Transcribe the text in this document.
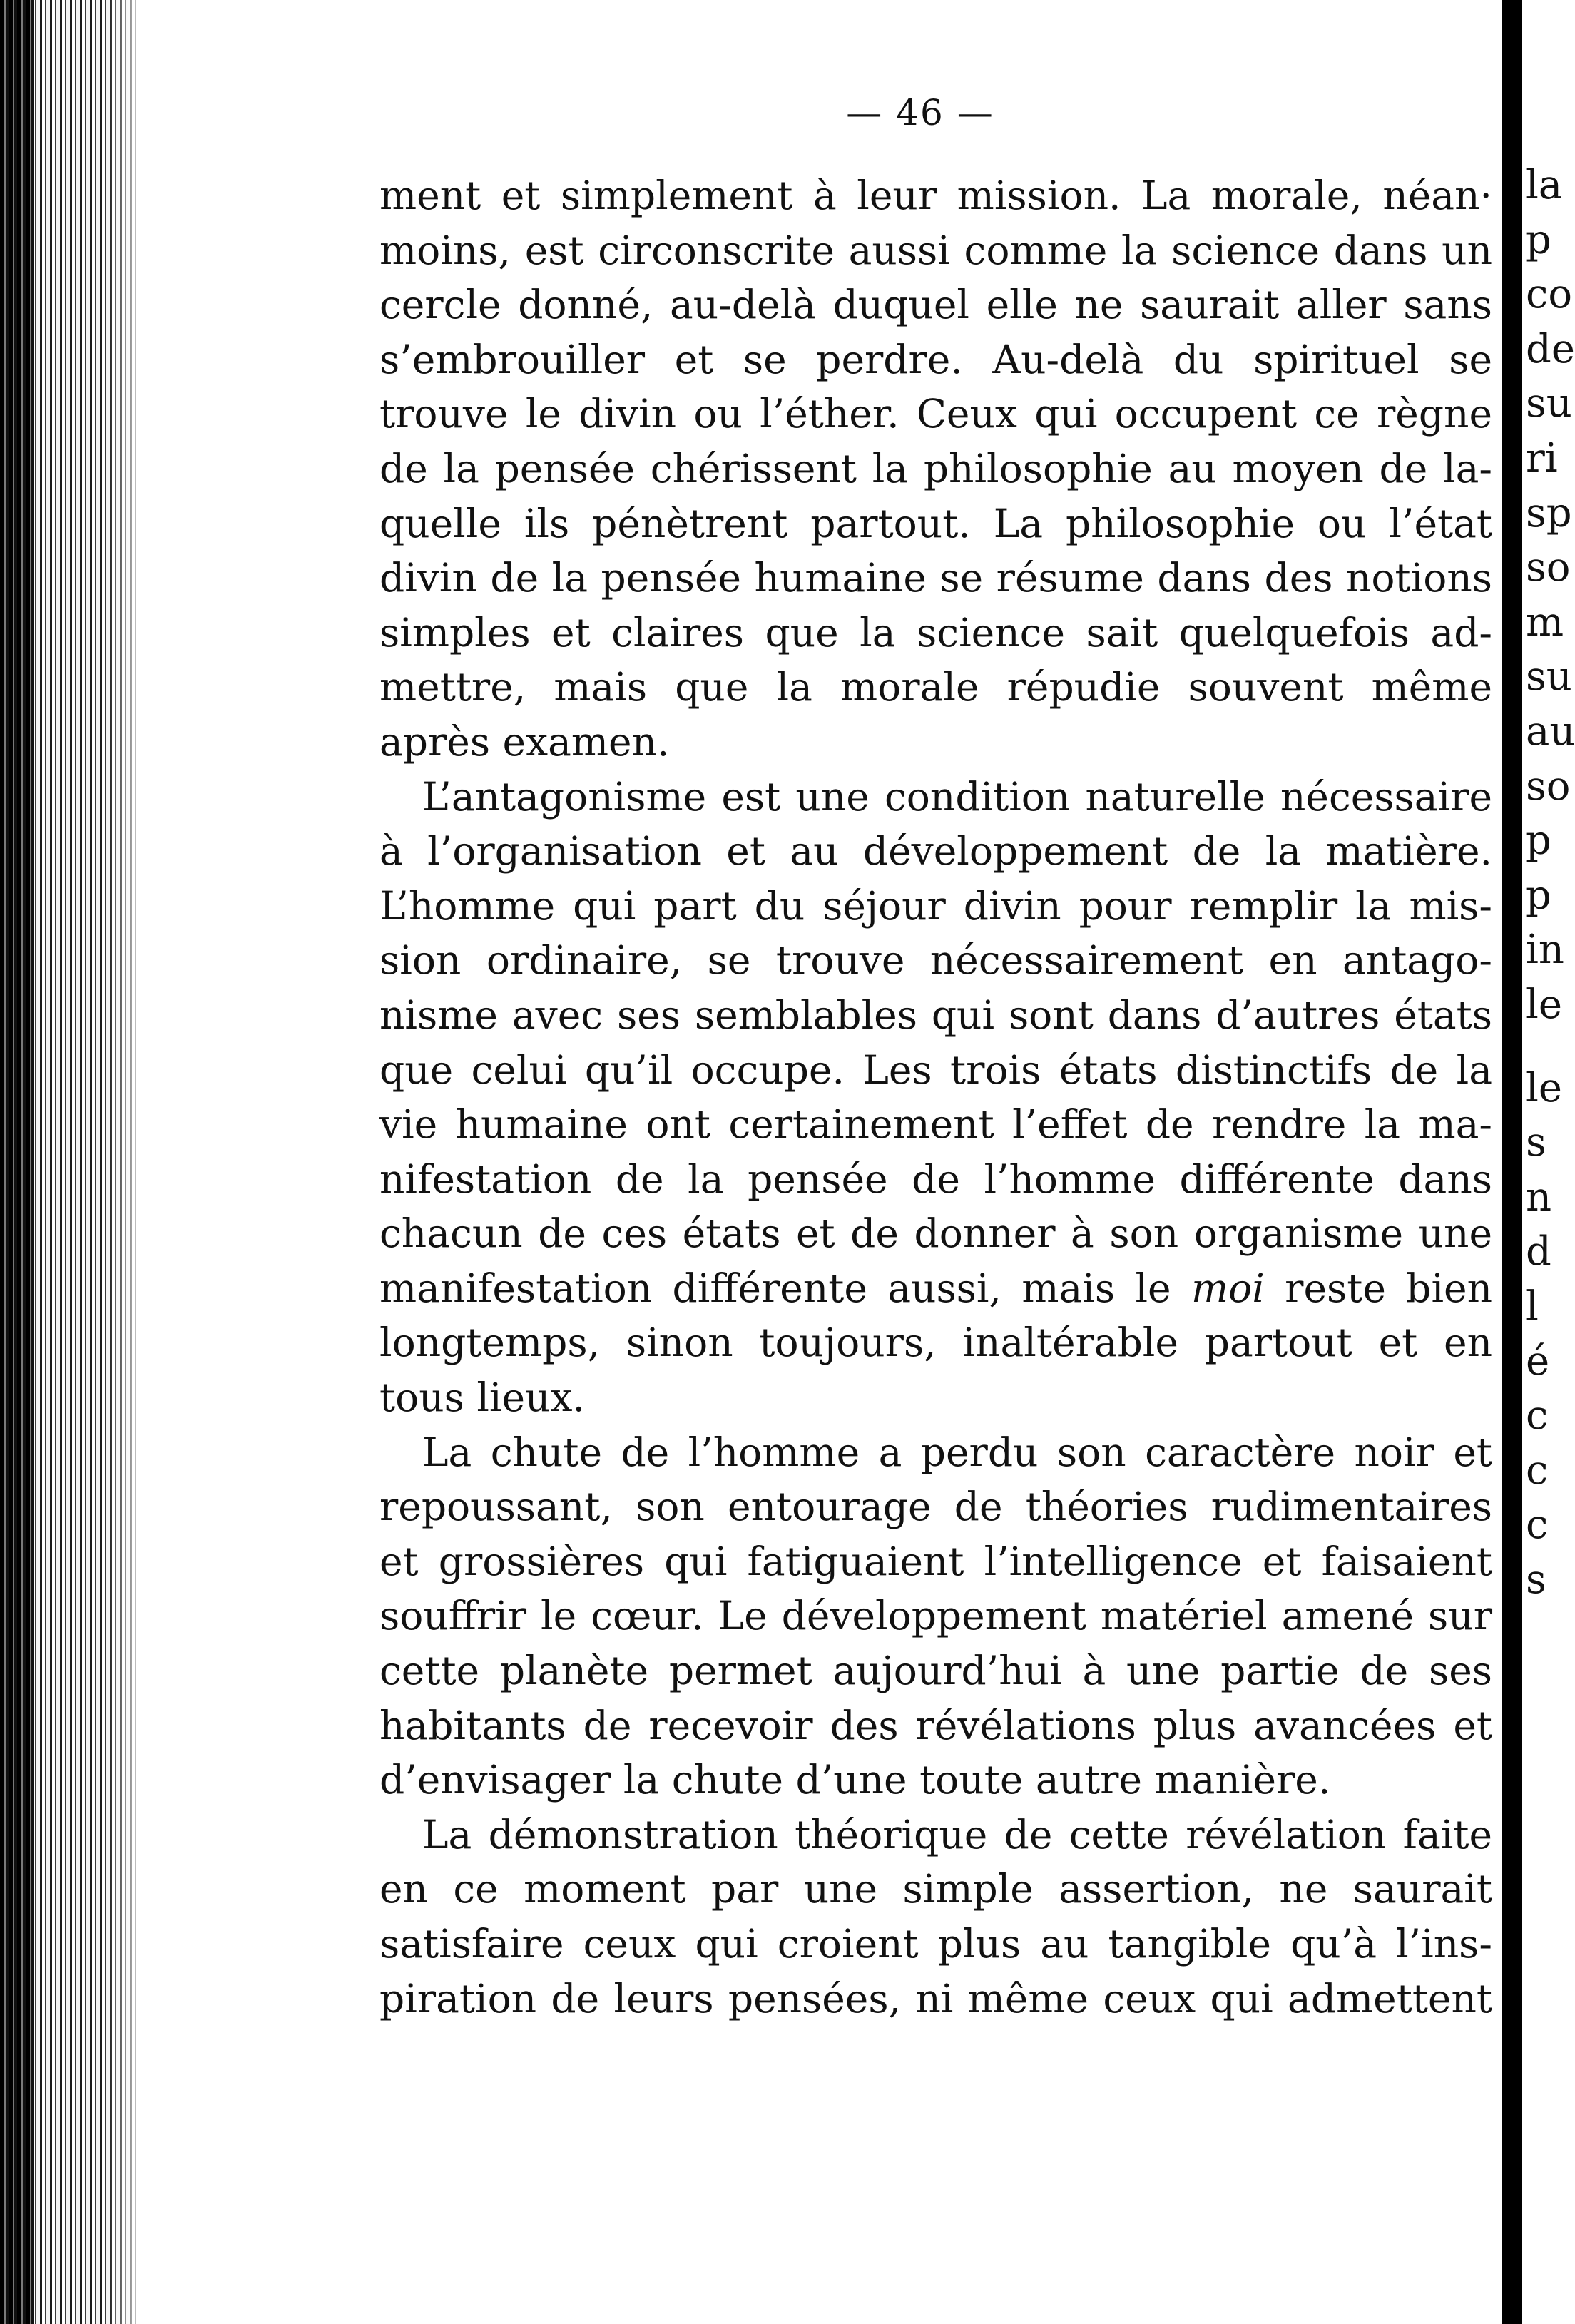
— 46 —
ment et simplement à leur mission. La morale, néan·
moins, est circonscrite aussi comme la science dans un
cercle donné, au-delà duquel elle ne saurait aller sans
s’embrouiller et se perdre. Au-delà du spirituel se
trouve le divin ou l’éther. Ceux qui occupent ce règne
de la pensée chérissent la philosophie au moyen de la-
quelle ils pénètrent partout. La philosophie ou l’état
divin de la pensée humaine se résume dans des notions
simples et claires que la science sait quelquefois ad-
mettre, mais que la morale répudie souvent même
après examen.
L’antagonisme est une condition naturelle nécessaire
à l’organisation et au développement de la matière.
L’homme qui part du séjour divin pour remplir la mis-
sion ordinaire, se trouve nécessairement en antago-
nisme avec ses semblables qui sont dans d’autres états
que celui qu’il occupe. Les trois états distinctifs de la
vie humaine ont certainement l’effet de rendre la ma-
nifestation de la pensée de l’homme différente dans
chacun de ces états et de donner à son organisme une
manifestation différente aussi, mais le moi reste bien
longtemps, sinon toujours, inaltérable partout et en
tous lieux.
La chute de l’homme a perdu son caractère noir et
repoussant, son entourage de théories rudimentaires
et grossières qui fatiguaient l’intelligence et faisaient
souffrir le cœur. Le développement matériel amené sur
cette planète permet aujourd’hui à une partie de ses
habitants de recevoir des révélations plus avancées et
d’envisager la chute d’une toute autre manière.
La démonstration théorique de cette révélation faite
en ce moment par une simple assertion, ne saurait
satisfaire ceux qui croient plus au tangible qu’à l’ins-
piration de leurs pensées, ni même ceux qui admettent
la
p
co
de
su
ri
sp
so
m
su
au
so
p
p
in
le
le
s
n
d
l
é
c
c
c
s
